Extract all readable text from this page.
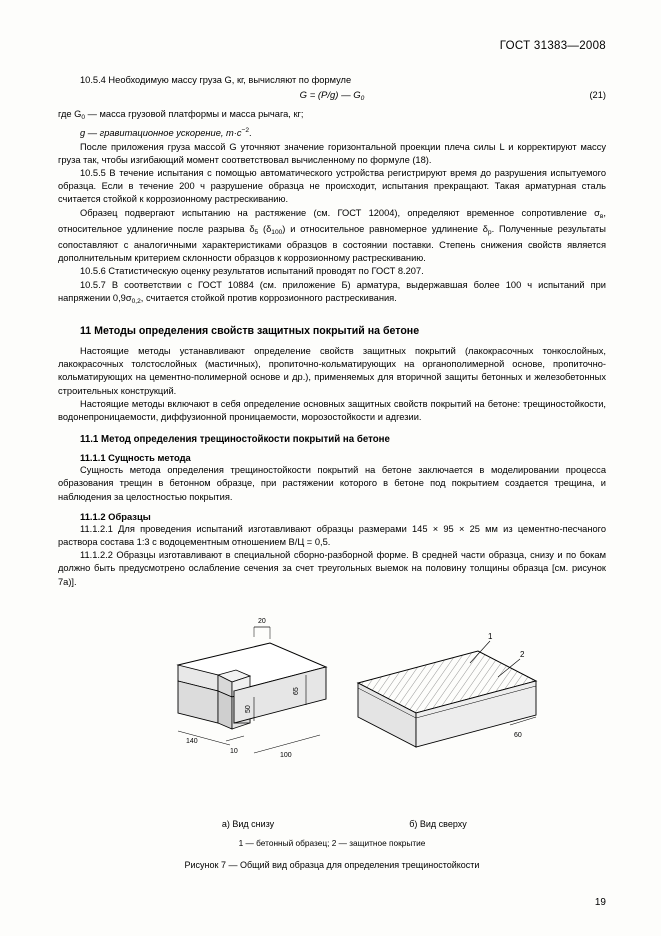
ГОСТ 31383—2008

10.5.4 Необходимую массу груза G, кг, вычисляют по формуле

G = (P/g) — $G_0$	(21)

где $G_0$ — масса грузовой платформы и масса рычага, кг;

g — гравитационное ускорение, $m\cdot c^{-2}$.

После приложения груза массой G уточняют значение горизонтальной проекции плеча силы L и корректируют массу груза так, чтобы изгибающий момент соответствовал вычисленному по формуле (18).

10.5.5 В течение испытания с помощью автоматического устройства регистрируют время до разрушения испытуемого образца. Если в течение 200 ч разрушение образца не происходит, испытания прекращают. Такая арматурная сталь считается стойкой к коррозионному растрескиванию.

Образец подвергают испытанию на растяжение (см. ГОСТ 12004), определяют временное сопротивление $\sigma_в$, относительное удлинение после разрыва $\delta_5$ $(\delta_{100})$ и относительное равномерное удлинение $\delta_р$. Полученные результаты сопоставляют с аналогичными характеристиками образцов в состоянии поставки. Степень снижения свойств является дополнительным критерием склонности образцов к коррозионному растрескиванию.

10.5.6 Статистическую оценку результатов испытаний проводят по ГОСТ 8.207.

10.5.7 В соответствии с ГОСТ 10884 (см. приложение Б) арматура, выдержавшая более 100 ч испытаний при напряжении $0,9\sigma_{0,2}$, считается стойкой против коррозионного растрескивания.

11 Методы определения свойств защитных покрытий на бетоне

Настоящие методы устанавливают определение свойств защитных покрытий (лакокрасочных тонкослойных, лакокрасочных толстослойных (мастичных), пропиточно-кольматирующих на органополимерной основе, пропиточно-кольматирующих на цементно-полимерной основе и др.), применяемых для вторичной защиты бетонных и железобетонных строительных конструкций.

Настоящие методы включают в себя определение основных защитных свойств покрытий на бетоне: трещиностойкости, водонепроницаемости, диффузионной проницаемости, морозостойкости и адгезии.

11.1 Метод определения трещиностойкости покрытий на бетоне
11.1.1 Сущность метода

Сущность метода определения трещиностойкости покрытий на бетоне заключается в моделировании процесса образования трещин в бетонном образце, при растяжении которого в бетоне под покрытием создается трещина, и наблюдения за целостностью покрытия.

11.1.2 Образцы

11.1.2.1 Для проведения испытаний изготавливают образцы размерами 145 × 95 × 25 мм из цементно-песчаного раствора состава 1:3 с водоцементным отношением В/Ц = 0,5.

11.1.2.2 Образцы изготавливают в специальной сборно-разборной форме. В средней части образца, снизу и по бокам должно быть предусмотрено ослабление сечения за счет треугольных выемок на половину толщины образца [см. рисунок 7а)].

20
65
50
140
10
100
1
2
60
а) Вид снизу	б) Вид сверху
1 — бетонный образец; 2 — защитное покрытие
Рисунок 7 — Общий вид образца для определения трещиностойкости
19
